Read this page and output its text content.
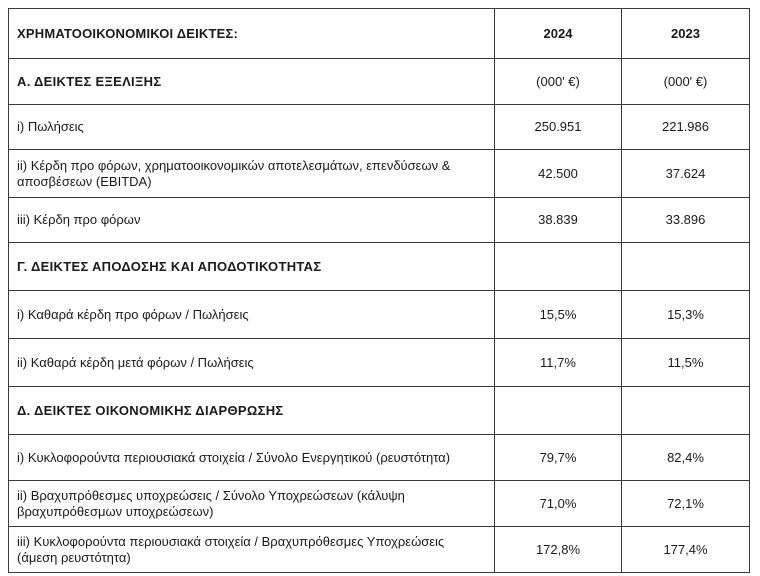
ΧΡΗΜΑΤΟΟΙΚΟΝΟΜΙΚΟΙ ΔΕΙΚΤΕΣ:	2024	2023
Α. ΔΕΙΚΤΕΣ ΕΞΕΛΙΞΗΣ	(000' €)	(000' €)
i) Πωλήσεις	250.951	221.986
ii) Κέρδη προ φόρων, χρηματοοικονομικών αποτελεσμάτων, επενδύσεων & αποσβέσεων (EBITDA)	42.500	37.624
iii) Κέρδη προ φόρων	38.839	33.896
Γ. ΔΕΙΚΤΕΣ ΑΠΟΔΟΣΗΣ ΚΑΙ ΑΠΟΔΟΤΙΚΟΤΗΤΑΣ		
i) Καθαρά κέρδη προ φόρων / Πωλήσεις	15,5%	15,3%
ii) Καθαρά κέρδη μετά φόρων / Πωλήσεις	11,7%	11,5%
Δ. ΔΕΙΚΤΕΣ ΟΙΚΟΝΟΜΙΚΗΣ ΔΙΑΡΘΡΩΣΗΣ		
i) Κυκλοφορούντα περιουσιακά στοιχεία / Σύνολο Ενεργητικού (ρευστότητα)	79,7%	82,4%
ii) Βραχυπρόθεσμες υποχρεώσεις / Σύνολο Υποχρεώσεων (κάλυψη βραχυπρόθεσμων υποχρεώσεων)	71,0%	72,1%
iii) Κυκλοφορούντα περιουσιακά στοιχεία / Βραχυπρόθεσμες Υποχρεώσεις (άμεση ρευστότητα)	172,8%	177,4%
